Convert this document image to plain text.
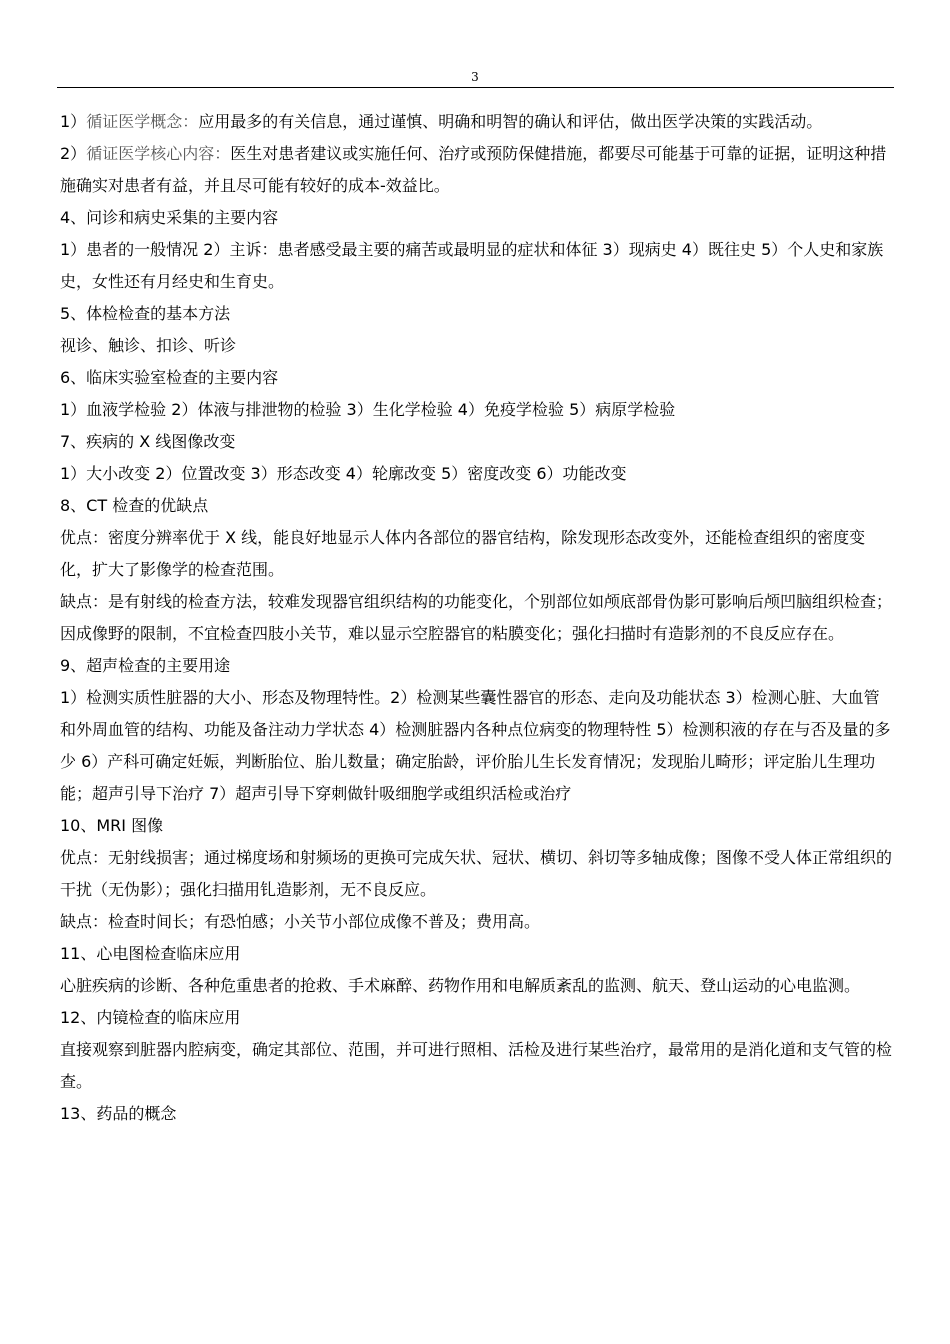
3

1）循证医学概念：应用最多的有关信息，通过谨慎、明确和明智的确认和评估，做出医学决策的实践活动。

2）循证医学核心内容：医生对患者建议或实施任何、治疗或预防保健措施，都要尽可能基于可靠的证据，证明这种措施确实对患者有益，并且尽可能有较好的成本-效益比。

4、问诊和病史采集的主要内容

1）患者的一般情况 2）主诉：患者感受最主要的痛苦或最明显的症状和体征 3）现病史 4）既往史 5）个人史和家族史，女性还有月经史和生育史。

5、体检检查的基本方法

视诊、触诊、扣诊、听诊

6、临床实验室检查的主要内容

1）血液学检验 2）体液与排泄物的检验 3）生化学检验 4）免疫学检验 5）病原学检验

7、疾病的 X 线图像改变

1）大小改变 2）位置改变 3）形态改变 4）轮廓改变 5）密度改变 6）功能改变

8、CT 检查的优缺点

优点：密度分辨率优于 X 线，能良好地显示人体内各部位的器官结构，除发现形态改变外，还能检查组织的密度变化，扩大了影像学的检查范围。

缺点：是有射线的检查方法，较难发现器官组织结构的功能变化，个别部位如颅底部骨伪影可影响后颅凹脑组织检查；因成像野的限制，不宜检查四肢小关节，难以显示空腔器官的粘膜变化；强化扫描时有造影剂的不良反应存在。

9、超声检查的主要用途

1）检测实质性脏器的大小、形态及物理特性。2）检测某些囊性器官的形态、走向及功能状态 3）检测心脏、大血管和外周血管的结构、功能及备注动力学状态 4）检测脏器内各种点位病变的物理特性 5）检测积液的存在与否及量的多少 6）产科可确定妊娠，判断胎位、胎儿数量；确定胎龄，评价胎儿生长发育情况；发现胎儿畸形；评定胎儿生理功能；超声引导下治疗 7）超声引导下穿刺做针吸细胞学或组织活检或治疗

10、MRI 图像

优点：无射线损害；通过梯度场和射频场的更换可完成矢状、冠状、横切、斜切等多轴成像；图像不受人体正常组织的干扰（无伪影）；强化扫描用钆造影剂，无不良反应。

缺点：检查时间长；有恐怕感；小关节小部位成像不普及；费用高。

11、心电图检查临床应用

心脏疾病的诊断、各种危重患者的抢救、手术麻醉、药物作用和电解质紊乱的监测、航天、登山运动的心电监测。

12、内镜检查的临床应用

直接观察到脏器内腔病变，确定其部位、范围，并可进行照相、活检及进行某些治疗，最常用的是消化道和支气管的检查。

13、药品的概念
